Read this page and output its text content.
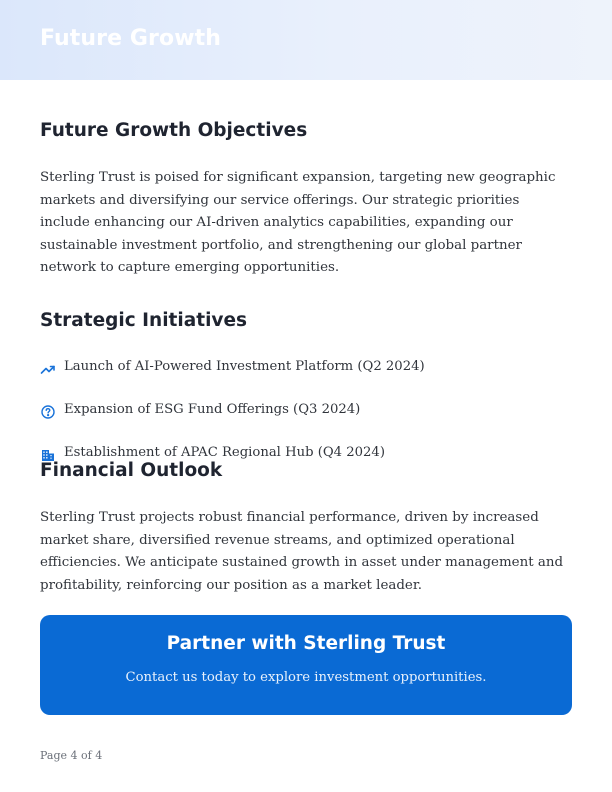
Future Growth
Future Growth Objectives

Sterling Trust is poised for significant expansion, targeting new geographic markets and diversifying our service offerings. Our strategic priorities include enhancing our AI-driven analytics capabilities, expanding our sustainable investment portfolio, and strengthening our global partner network to capture emerging opportunities.

Strategic Initiatives
Launch of AI-Powered Investment Platform (Q2 2024)
Expansion of ESG Fund Offerings (Q3 2024)
Establishment of APAC Regional Hub (Q4 2024)
Financial Outlook

Sterling Trust projects robust financial performance, driven by increased market share, diversified revenue streams, and optimized operational efficiencies. We anticipate sustained growth in asset under management and profitability, reinforcing our position as a market leader.

Partner with Sterling Trust
Contact us today to explore investment opportunities.
Page 4 of 4
